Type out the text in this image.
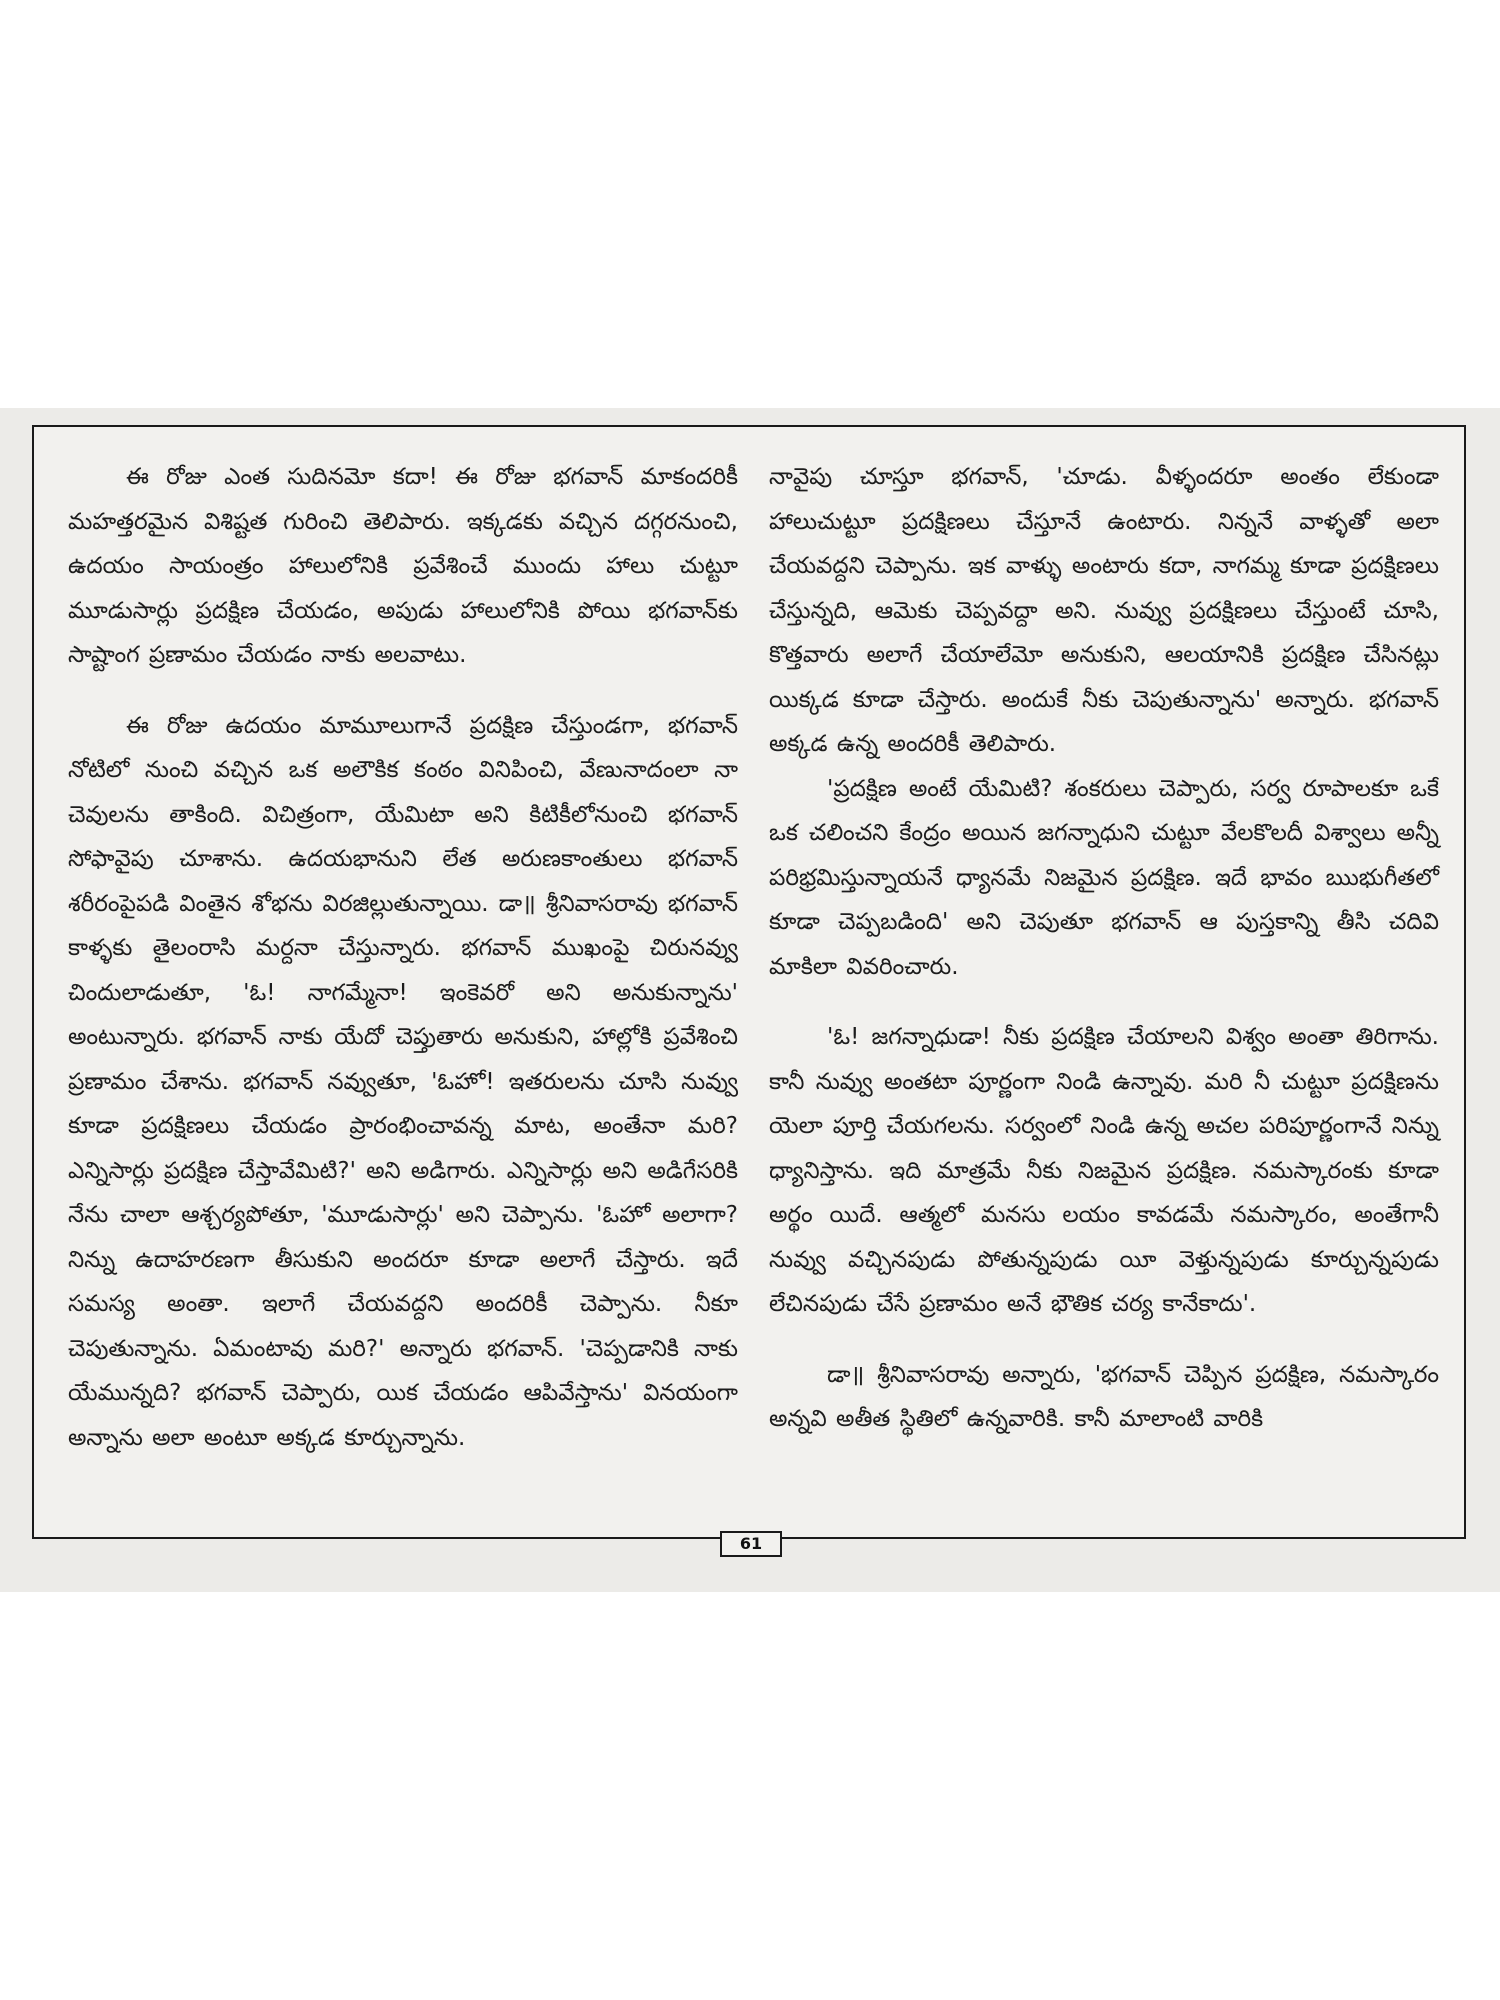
ఈ రోజు ఎంత సుదినమో కదా! ఈ రోజు భగవాన్ మాకందరికీ మహత్తరమైన విశిష్టత గురించి తెలిపారు. ఇక్కడకు వచ్చిన దగ్గరనుంచి, ఉదయం సాయంత్రం హాలులోనికి ప్రవేశించే ముందు హాలు చుట్టూ మూడుసార్లు ప్రదక్షిణ చేయడం, అపుడు హాలులోనికి పోయి భగవాన్‌కు సాష్టాంగ ప్రణామం చేయడం నాకు అలవాటు.

ఈ రోజు ఉదయం మామూలుగానే ప్రదక్షిణ చేస్తుండగా, భగవాన్ నోటిలో నుంచి వచ్చిన ఒక అలౌకిక కంఠం వినిపించి, వేణునాదంలా నా చెవులను తాకింది. విచిత్రంగా, యేమిటా అని కిటికీలోనుంచి భగవాన్ సోఫావైపు చూశాను. ఉదయభానుని లేత అరుణకాంతులు భగవాన్ శరీరంపైపడి వింతైన శోభను విరజిల్లుతున్నాయి. డా॥ శ్రీనివాసరావు భగవాన్ కాళ్ళకు తైలంరాసి మర్దనా చేస్తున్నారు. భగవాన్ ముఖంపై చిరునవ్వు చిందులాడుతూ, 'ఓ! నాగమ్మేనా! ఇంకెవరో అని అనుకున్నాను' అంటున్నారు. భగవాన్ నాకు యేదో చెప్తుతారు అనుకుని, హాల్లోకి ప్రవేశించి ప్రణామం చేశాను. భగవాన్ నవ్వుతూ, 'ఓహో! ఇతరులను చూసి నువ్వు కూడా ప్రదక్షిణలు చేయడం ప్రారంభించావన్న మాట, అంతేనా మరి? ఎన్నిసార్లు ప్రదక్షిణ చేస్తావేమిటి?' అని అడిగారు. ఎన్నిసార్లు అని అడిగేసరికి నేను చాలా ఆశ్చర్యపోతూ, 'మూడుసార్లు' అని చెప్పాను. 'ఓహో అలాగా? నిన్ను ఉదాహరణగా తీసుకుని అందరూ కూడా అలాగే చేస్తారు. ఇదే సమస్య అంతా. ఇలాగే చేయవద్దని అందరికీ చెప్పాను. నీకూ చెపుతున్నాను. ఏమంటావు మరి?' అన్నారు భగవాన్. 'చెప్పడానికి నాకు యేమున్నది? భగవాన్ చెప్పారు, యిక చేయడం ఆపివేస్తాను' వినయంగా అన్నాను అలా అంటూ అక్కడ కూర్చున్నాను.

నావైపు చూస్తూ భగవాన్, 'చూడు. వీళ్ళందరూ అంతం లేకుండా హాలుచుట్టూ ప్రదక్షిణలు చేస్తూనే ఉంటారు. నిన్ననే వాళ్ళతో అలా చేయవద్దని చెప్పాను. ఇక వాళ్ళు అంటారు కదా, నాగమ్మ కూడా ప్రదక్షిణలు చేస్తున్నది, ఆమెకు చెప్పవద్దా అని. నువ్వు ప్రదక్షిణలు చేస్తుంటే చూసి, కొత్తవారు అలాగే చేయాలేమో అనుకుని, ఆలయానికి ప్రదక్షిణ చేసినట్లు యిక్కడ కూడా చేస్తారు. అందుకే నీకు చెపుతున్నాను' అన్నారు. భగవాన్ అక్కడ ఉన్న అందరికీ తెలిపారు.

'ప్రదక్షిణ అంటే యేమిటి? శంకరులు చెప్పారు, సర్వ రూపాలకూ ఒకే ఒక చలించని కేంద్రం అయిన జగన్నాధుని చుట్టూ వేలకొలదీ విశ్వాలు అన్నీ పరిభ్రమిస్తున్నాయనే ధ్యానమే నిజమైన ప్రదక్షిణ. ఇదే భావం ఋభుగీతలో కూడా చెప్పబడింది' అని చెపుతూ భగవాన్ ఆ పుస్తకాన్ని తీసి చదివి మాకిలా వివరించారు.

'ఓ! జగన్నాధుడా! నీకు ప్రదక్షిణ చేయాలని విశ్వం అంతా తిరిగాను. కానీ నువ్వు అంతటా పూర్ణంగా నిండి ఉన్నావు. మరి నీ చుట్టూ ప్రదక్షిణను యెలా పూర్తి చేయగలను. సర్వంలో నిండి ఉన్న అచల పరిపూర్ణంగానే నిన్ను ధ్యానిస్తాను. ఇది మాత్రమే నీకు నిజమైన ప్రదక్షిణ. నమస్కారంకు కూడా అర్థం యిదే. ఆత్మలో మనసు లయం కావడమే నమస్కారం, అంతేగానీ నువ్వు వచ్చినపుడు పోతున్నపుడు యీ వెళ్తున్నపుడు కూర్చున్నపుడు లేచినపుడు చేసే ప్రణామం అనే భౌతిక చర్య కానేకాదు'.

డా॥ శ్రీనివాసరావు అన్నారు, 'భగవాన్ చెప్పిన ప్రదక్షిణ, నమస్కారం అన్నవి అతీత స్థితిలో ఉన్నవారికి. కానీ మాలాంటి వారికి

61
